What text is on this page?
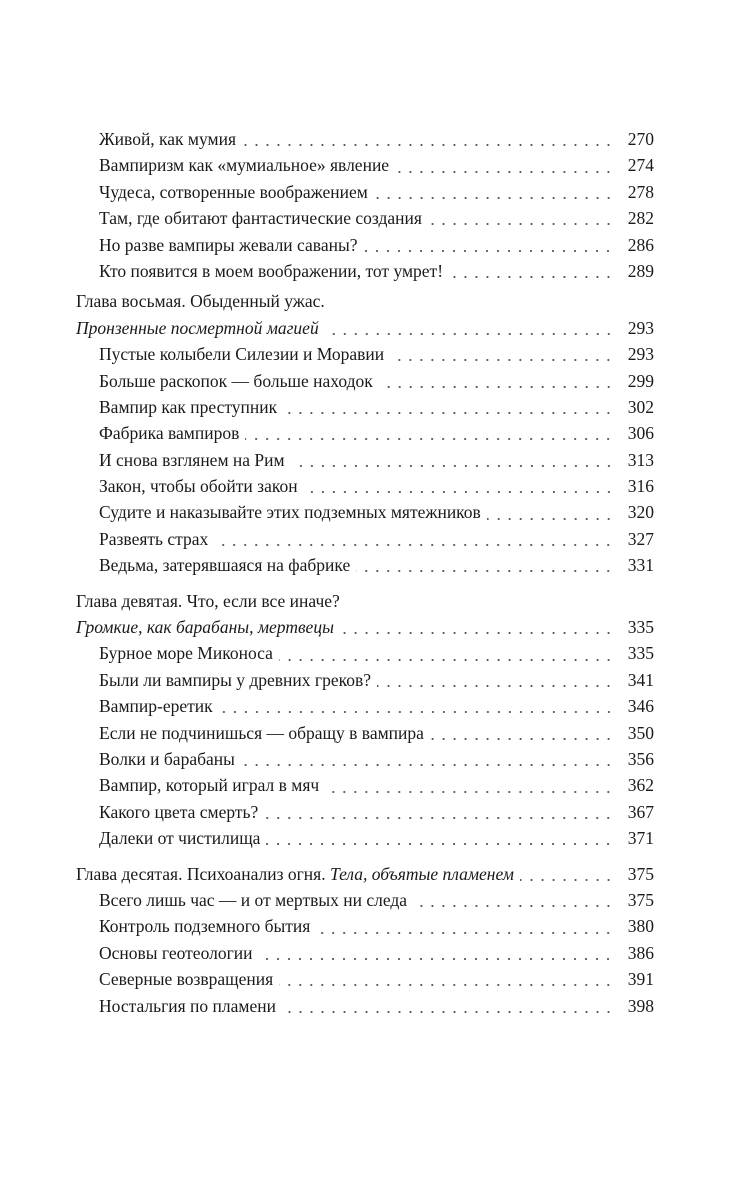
Живой, как мумия	270
Вампиризм как «мумиальное» явление	274
Чудеса, сотворенные воображением	278
Там, где обитают фантастические создания	282
Но разве вампиры жевали саваны?	286
Кто появится в моем воображении, тот умрет!	289
Глава восьмая. Обыденный ужас.
Пронзенные посмертной магией	293
Пустые колыбели Силезии и Моравии	293
Больше раскопок — больше находок	299
Вампир как преступник	302
Фабрика вампиров	306
И снова взглянем на Рим	313
Закон, чтобы обойти закон	316
Судите и наказывайте этих подземных мятежников	320
Развеять страх	327
Ведьма, затерявшаяся на фабрике	331
Глава девятая. Что, если все иначе?
Громкие, как барабаны, мертвецы	335
Бурное море Миконоса	335
Были ли вампиры у древних греков?	341
Вампир-еретик	346
Если не подчинишься — обращу в вампира	350
Волки и барабаны	356
Вампир, который играл в мяч	362
Какого цвета смерть?	367
Далеки от чистилища	371
Глава десятая. Психоанализ огня. Тела, объятые пламенем	375
Всего лишь час — и от мертвых ни следа	375
Контроль подземного бытия	380
Основы геотеологии	386
Северные возвращения	391
Ностальгия по пламени	398
